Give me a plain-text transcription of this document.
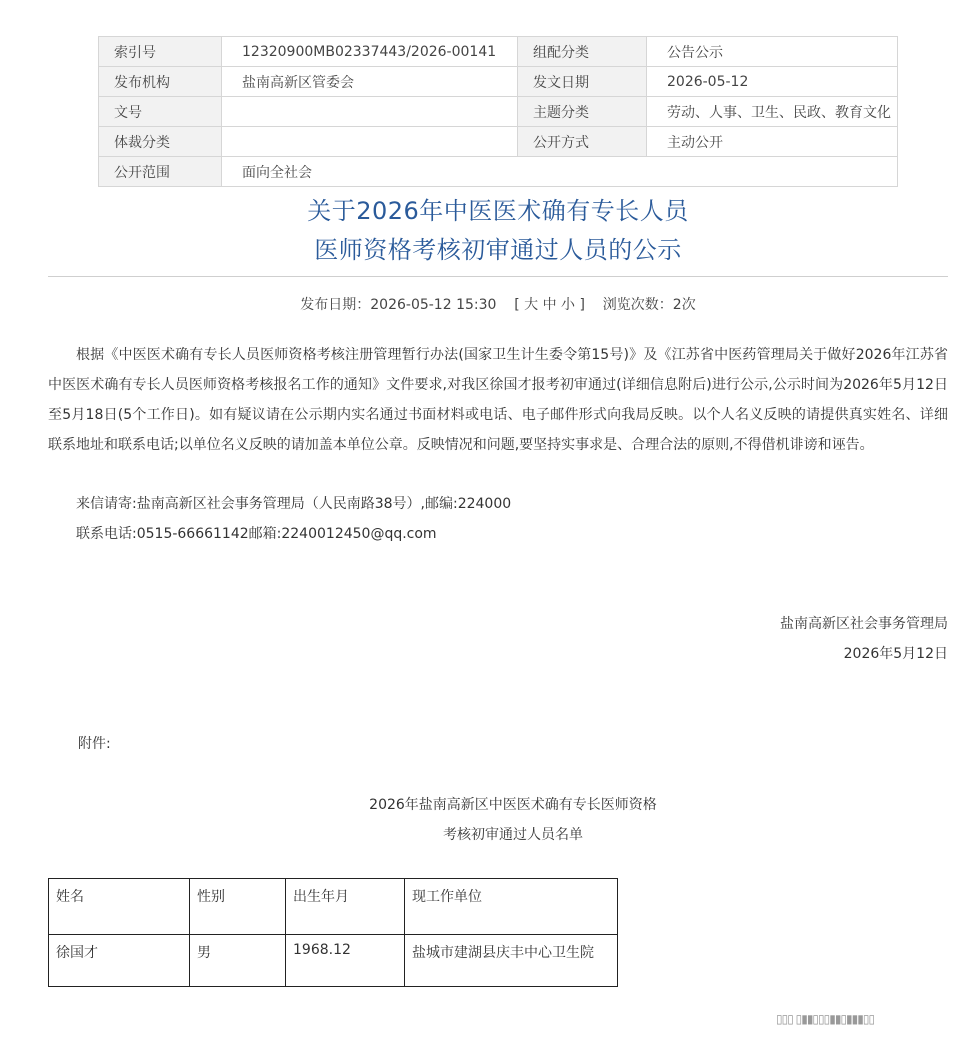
索引号	12320900MB02337443/2026-00141	组配分类	公告公示
发布机构	盐南高新区管委会	发文日期	2026-05-12
文号		主题分类	劳动、人事、卫生、民政、教育文化
体裁分类		公开方式	主动公开
公开范围	面向全社会		
关于2026年中医医术确有专长人员
医师资格考核初审通过人员的公示
发布日期：2026-05-12 15:30 [ 大 中 小 ] 浏览次数：2次
根据《中医医术确有专长人员医师资格考核注册管理暂行办法(国家卫生计生委令第15号)》及《江苏省中医药管理局关于做好2026年江苏省中医医术确有专长人员医师资格考核报名工作的通知》文件要求,对我区徐国才报考初审通过(详细信息附后)进行公示,公示时间为2026年5月12日至5月18日(5个工作日)。如有疑议请在公示期内实名通过书面材料或电话、电子邮件形式向我局反映。以个人名义反映的请提供真实姓名、详细联系地址和联系电话;以单位名义反映的请加盖本单位公章。反映情况和问题,要坚持实事求是、合理合法的原则,不得借机诽谤和诬告。
来信请寄:盐南高新区社会事务管理局（人民南路38号）,邮编:224000
联系电话:0515-66661142邮箱:2240012450@qq.com
盐南高新区社会事务管理局
2026年5月12日
附件:
2026年盐南高新区中医医术确有专长医师资格
考核初审通过人员名单
姓名	性别	出生年月	现工作单位
徐国才	男	1968.12	盐城市建湖县庆丰中心卫生院
▯▯▯ ▯▮▮▯▯▯▮▮▯▮▮▮▯▯
